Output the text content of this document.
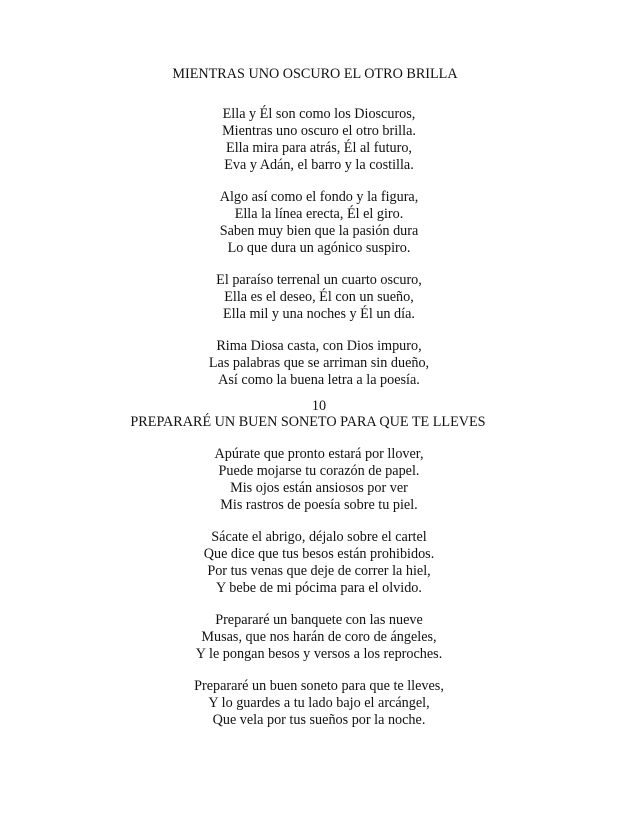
MIENTRAS UNO OSCURO EL OTRO BRILLA
Ella y Él son como los Dioscuros,
Mientras uno oscuro el otro brilla.
Ella mira para atrás, Él al futuro,
Eva y Adán, el barro y la costilla.
Algo así como el fondo y la figura,
Ella la línea erecta, Él el giro.
Saben muy bien que la pasión dura
Lo que dura un agónico suspiro.
El paraíso terrenal un cuarto oscuro,
Ella es el deseo, Él con un sueño,
Ella mil y una noches y Él un día.
Rima Diosa casta, con Dios impuro,
Las palabras que se arriman sin dueño,
Así como la buena letra a la poesía.
10
PREPARARÉ UN BUEN SONETO PARA QUE TE LLEVES
Apúrate que pronto estará por llover,
Puede mojarse tu corazón de papel.
Mis ojos están ansiosos por ver
Mis rastros de poesía sobre tu piel.
Sácate el abrigo, déjalo sobre el cartel
Que dice que tus besos están prohibidos.
Por tus venas que deje de correr la hiel,
Y bebe de mi pócima para el olvido.
Prepararé un banquete con las nueve
Musas, que nos harán de coro de ángeles,
Y le pongan besos y versos a los reproches.
Prepararé un buen soneto para que te lleves,
Y lo guardes a tu lado bajo el arcángel,
Que vela por tus sueños por la noche.
